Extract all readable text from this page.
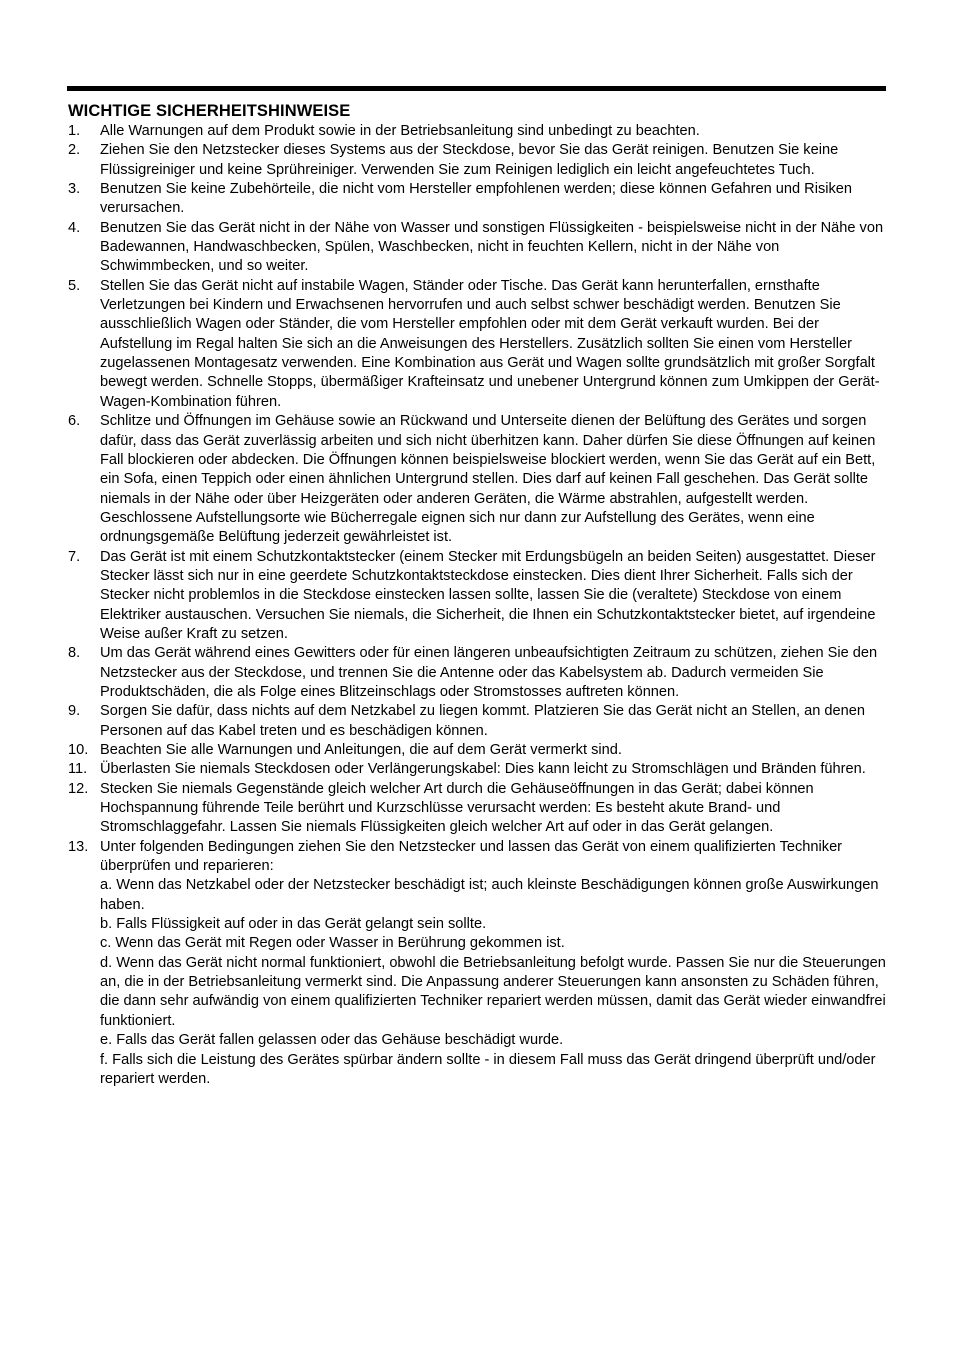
WICHTIGE SICHERHEITSHINWEISE
1.	Alle Warnungen auf dem Produkt sowie in der Betriebsanleitung sind unbedingt zu beachten.
2.	Ziehen Sie den Netzstecker dieses Systems aus der Steckdose, bevor Sie das Gerät reinigen. Benutzen Sie keine Flüssigreiniger und keine Sprühreiniger. Verwenden Sie zum Reinigen lediglich ein leicht angefeuchtetes Tuch.
3.	Benutzen Sie keine Zubehörteile, die nicht vom Hersteller empfohlenen werden; diese können Gefahren und Risiken verursachen.
4.	Benutzen Sie das Gerät nicht in der Nähe von Wasser und sonstigen Flüssigkeiten - beispielsweise nicht in der Nähe von Badewannen, Handwaschbecken, Spülen, Waschbecken, nicht in feuchten Kellern, nicht in der Nähe von Schwimmbecken, und so weiter.
5.	Stellen Sie das Gerät nicht auf instabile Wagen, Ständer oder Tische. Das Gerät kann herunterfallen, ernsthafte Verletzungen bei Kindern und Erwachsenen hervorrufen und auch selbst schwer beschädigt werden. Benutzen Sie ausschließlich Wagen oder Ständer, die vom Hersteller empfohlen oder mit dem Gerät verkauft wurden. Bei der Aufstellung im Regal halten Sie sich an die Anweisungen des Herstellers. Zusätzlich sollten Sie einen vom Hersteller zugelassenen Montagesatz verwenden. Eine Kombination aus Gerät und Wagen sollte grundsätzlich mit großer Sorgfalt bewegt werden. Schnelle Stopps, übermäßiger Krafteinsatz und unebener Untergrund können zum Umkippen der Gerät-Wagen-Kombination führen.
6.	Schlitze und Öffnungen im Gehäuse sowie an Rückwand und Unterseite dienen der Belüftung des Gerätes und sorgen dafür, dass das Gerät zuverlässig arbeiten und sich nicht überhitzen kann. Daher dürfen Sie diese Öffnungen auf keinen Fall blockieren oder abdecken. Die Öffnungen können beispielsweise blockiert werden, wenn Sie das Gerät auf ein Bett, ein Sofa, einen Teppich oder einen ähnlichen Untergrund stellen. Dies darf auf keinen Fall geschehen. Das Gerät sollte niemals in der Nähe oder über Heizgeräten oder anderen Geräten, die Wärme abstrahlen, aufgestellt werden. Geschlossene Aufstellungsorte wie Bücherregale eignen sich nur dann zur Aufstellung des Gerätes, wenn eine ordnungsgemäße Belüftung jederzeit gewährleistet ist.
7.	Das Gerät ist mit einem Schutzkontaktstecker (einem Stecker mit Erdungsbügeln an beiden Seiten) ausgestattet. Dieser Stecker lässt sich nur in eine geerdete Schutzkontaktsteckdose einstecken. Dies dient Ihrer Sicherheit. Falls sich der Stecker nicht problemlos in die Steckdose einstecken lassen sollte, lassen Sie die (veraltete) Steckdose von einem Elektriker austauschen. Versuchen Sie niemals, die Sicherheit, die Ihnen ein Schutzkontaktstecker bietet, auf irgendeine Weise außer Kraft zu setzen.
8.	Um das Gerät während eines Gewitters oder für einen längeren unbeaufsichtigten Zeitraum zu schützen, ziehen Sie den Netzstecker aus der Steckdose, und trennen Sie die Antenne oder das Kabelsystem ab. Dadurch vermeiden Sie Produktschäden, die als Folge eines Blitzeinschlags oder Stromstosses auftreten können.
9.	Sorgen Sie dafür, dass nichts auf dem Netzkabel zu liegen kommt. Platzieren Sie das Gerät nicht an Stellen, an denen Personen auf das Kabel treten und es beschädigen können.
10. Beachten Sie alle Warnungen und Anleitungen, die auf dem Gerät vermerkt sind.
11. Überlasten Sie niemals Steckdosen oder Verlängerungskabel: Dies kann leicht zu Stromschlägen und Bränden führen.
12. Stecken Sie niemals Gegenstände gleich welcher Art durch die Gehäuseöffnungen in das Gerät; dabei können Hochspannung führende Teile berührt und Kurzschlüsse verursacht werden: Es besteht akute Brand- und Stromschlaggefahr. Lassen Sie niemals Flüssigkeiten gleich welcher Art auf oder in das Gerät gelangen.
13. Unter folgenden Bedingungen ziehen Sie den Netzstecker und lassen das Gerät von einem qualifizierten Techniker überprüfen und reparieren:
a. Wenn das Netzkabel oder der Netzstecker beschädigt ist; auch kleinste Beschädigungen können große Auswirkungen haben.
b. Falls Flüssigkeit auf oder in das Gerät gelangt sein sollte.
c. Wenn das Gerät mit Regen oder Wasser in Berührung gekommen ist.
d. Wenn das Gerät nicht normal funktioniert, obwohl die Betriebsanleitung befolgt wurde. Passen Sie nur die Steuerungen an, die in der Betriebsanleitung vermerkt sind. Die Anpassung anderer Steuerungen kann ansonsten zu Schäden führen, die dann sehr aufwändig von einem qualifizierten Techniker repariert werden müssen, damit das Gerät wieder einwandfrei funktioniert.
e. Falls das Gerät fallen gelassen oder das Gehäuse beschädigt wurde.
f. Falls sich die Leistung des Gerätes spürbar ändern sollte - in diesem Fall muss das Gerät dringend überprüft und/oder repariert werden.
